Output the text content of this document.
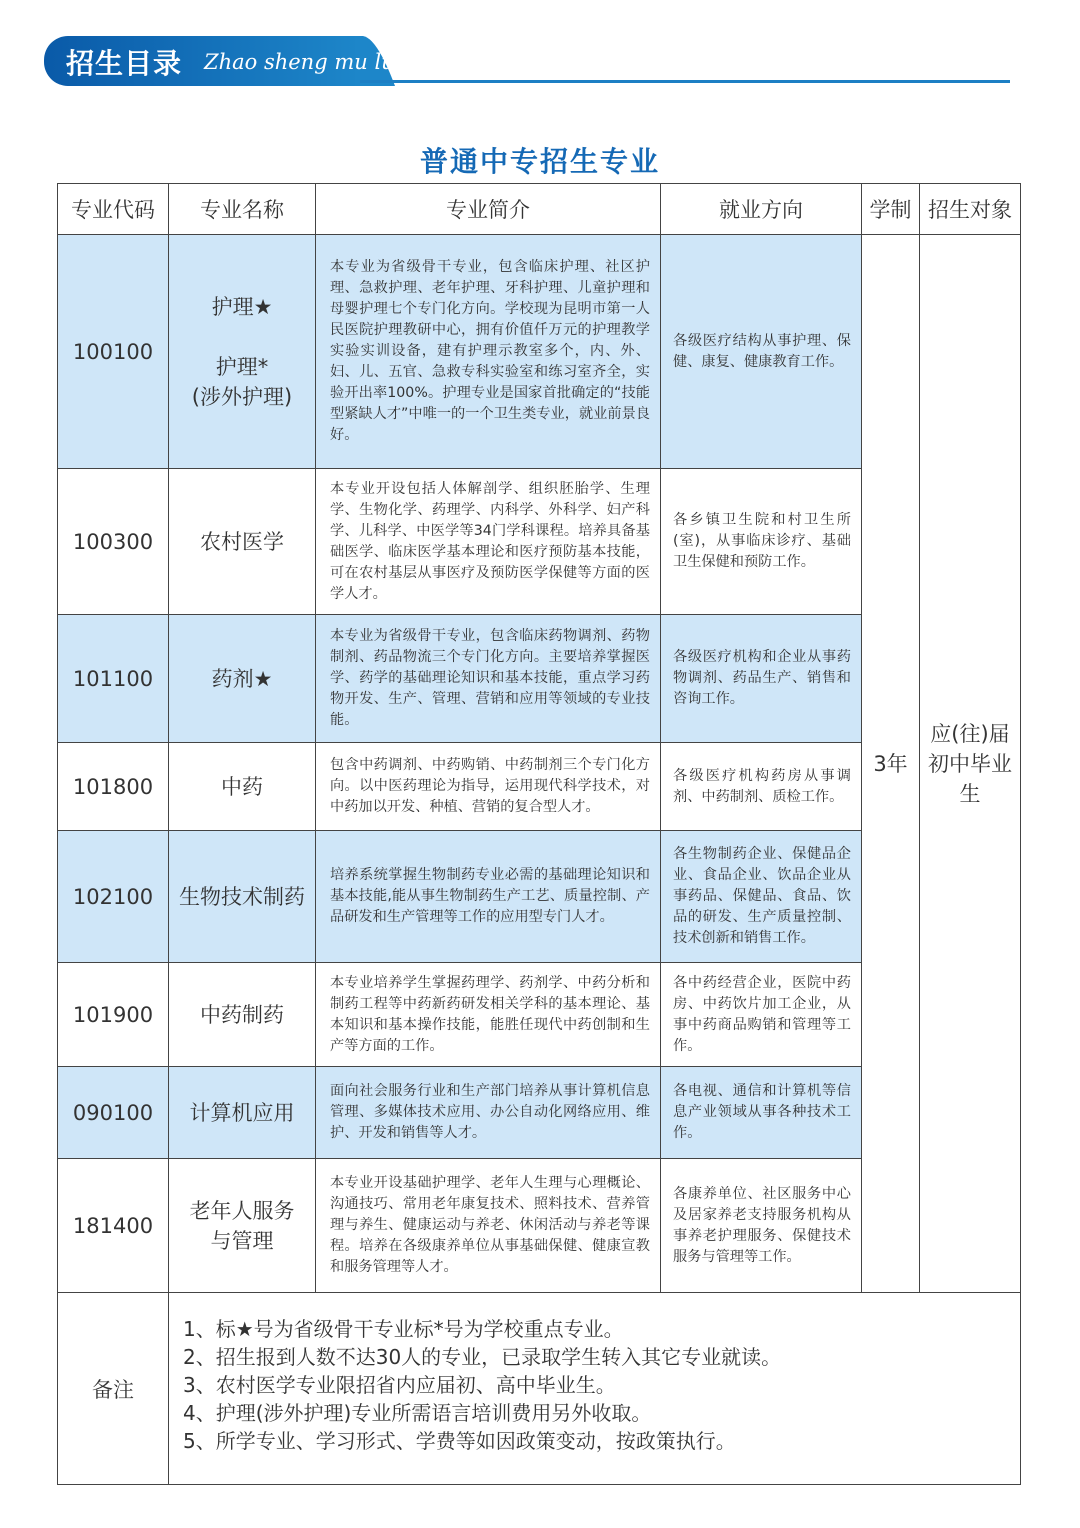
招生目录 Zhao sheng mu lu
普通中专招生专业
专业代码	专业名称	专业简介	就业方向	学制	招生对象
100100	护理★
护理*
(涉外护理)	本专业为省级骨干专业，包含临床护理、社区护理、急救护理、老年护理、牙科护理、儿童护理和母婴护理七个专门化方向。学校现为昆明市第一人民医院护理教研中心，拥有价值仟万元的护理教学实验实训设备，建有护理示教室多个，内、外、妇、儿、五官、急救专科实验室和练习室齐全，实验开出率100%。护理专业是国家首批确定的“技能型紧缺人才”中唯一的一个卫生类专业，就业前景良好。	各级医疗结构从事护理、保健、康复、健康教育工作。	3年	应(往)届初中毕业生
100300	农村医学	本专业开设包括人体解剖学、组织胚胎学、生理学、生物化学、药理学、内科学、外科学、妇产科学、儿科学、中医学等34门学科课程。培养具备基础医学、临床医学基本理论和医疗预防基本技能，可在农村基层从事医疗及预防医学保健等方面的医学人才。	各乡镇卫生院和村卫生所(室)，从事临床诊疗、基础卫生保健和预防工作。		
101100	药剂★	本专业为省级骨干专业，包含临床药物调剂、药物制剂、药品物流三个专门化方向。主要培养掌握医学、药学的基础理论知识和基本技能，重点学习药物开发、生产、管理、营销和应用等领域的专业技能。	各级医疗机构和企业从事药物调剂、药品生产、销售和咨询工作。		
101800	中药	包含中药调剂、中药购销、中药制剂三个专门化方向。以中医药理论为指导，运用现代科学技术，对中药加以开发、种植、营销的复合型人才。	各级医疗机构药房从事调剂、中药制剂、质检工作。		
102100	生物技术制药	培养系统掌握生物制药专业必需的基础理论知识和基本技能,能从事生物制药生产工艺、质量控制、产品研发和生产管理等工作的应用型专门人才。	各生物制药企业、保健品企业、食品企业、饮品企业从事药品、保健品、食品、饮品的研发、生产质量控制、技术创新和销售工作。		
101900	中药制药	本专业培养学生掌握药理学、药剂学、中药分析和制药工程等中药新药研发相关学科的基本理论、基本知识和基本操作技能，能胜任现代中药创制和生产等方面的工作。	各中药经营企业，医院中药房、中药饮片加工企业，从事中药商品购销和管理等工作。		
090100	计算机应用	面向社会服务行业和生产部门培养从事计算机信息管理、多媒体技术应用、办公自动化网络应用、维护、开发和销售等人才。	各电视、通信和计算机等信息产业领域从事各种技术工作。		
181400	老年人服务与管理	本专业开设基础护理学、老年人生理与心理概论、沟通技巧、常用老年康复技术、照料技术、营养管理与养生、健康运动与养老、休闲活动与养老等课程。培养在各级康养单位从事基础保健、健康宣教和服务管理等人才。	各康养单位、社区服务中心及居家养老支持服务机构从事养老护理服务、保健技术服务与管理等工作。		
备注	1、标★号为省级骨干专业标*号为学校重点专业。
2、招生报到人数不达30人的专业，已录取学生转入其它专业就读。
3、农村医学专业限招省内应届初、高中毕业生。
4、护理(涉外护理)专业所需语言培训费用另外收取。
5、所学专业、学习形式、学费等如因政策变动，按政策执行。				
